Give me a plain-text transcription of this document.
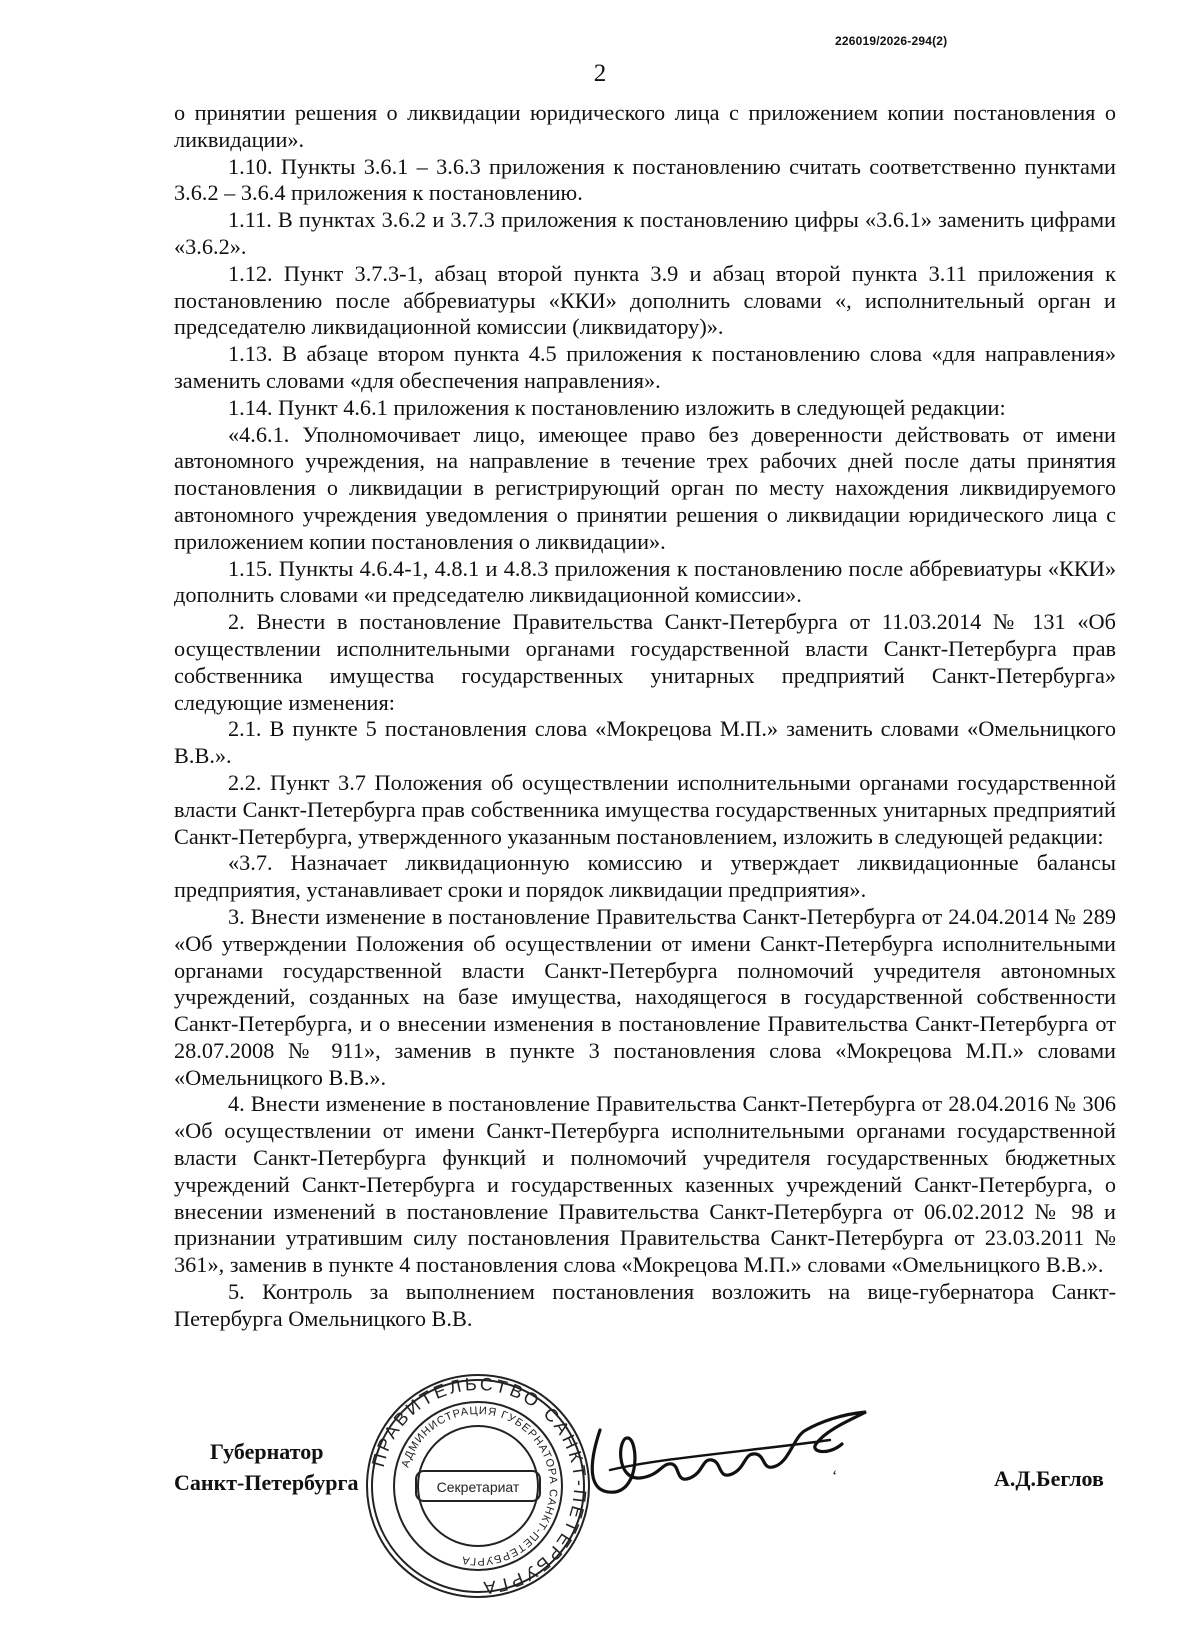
226019/2026-294(2)
2

о принятии решения о ликвидации юридического лица с приложением копии постановления о ликвидации».

1.10. Пункты 3.6.1 – 3.6.3 приложения к постановлению считать соответственно пунктами 3.6.2 – 3.6.4 приложения к постановлению.

1.11. В пунктах 3.6.2 и 3.7.3 приложения к постановлению цифры «3.6.1» заменить цифрами «3.6.2».

1.12. Пункт 3.7.3-1, абзац второй пункта 3.9 и абзац второй пункта 3.11 приложения к постановлению после аббревиатуры «ККИ» дополнить словами «, исполнительный орган и председателю ликвидационной комиссии (ликвидатору)».

1.13. В абзаце втором пункта 4.5 приложения к постановлению слова «для направления» заменить словами «для обеспечения направления».

1.14. Пункт 4.6.1 приложения к постановлению изложить в следующей редакции:

«4.6.1. Уполномочивает лицо, имеющее право без доверенности действовать от имени автономного учреждения, на направление в течение трех рабочих дней после даты принятия постановления о ликвидации в регистрирующий орган по месту нахождения ликвидируемого автономного учреждения уведомления о принятии решения о ликвидации юридического лица с приложением копии постановления о ликвидации».

1.15. Пункты 4.6.4-1, 4.8.1 и 4.8.3 приложения к постановлению после аббревиатуры «ККИ» дополнить словами «и председателю ликвидационной комиссии».

2. Внести в постановление Правительства Санкт-Петербурга от 11.03.2014 № 131 «Об осуществлении исполнительными органами государственной власти Санкт-Петербурга прав собственника имущества государственных унитарных предприятий Санкт-Петербурга» следующие изменения:

2.1. В пункте 5 постановления слова «Мокрецова М.П.» заменить словами «Омельницкого В.В.».

2.2. Пункт 3.7 Положения об осуществлении исполнительными органами государственной власти Санкт-Петербурга прав собственника имущества государственных унитарных предприятий Санкт-Петербурга, утвержденного указанным постановлением, изложить в следующей редакции:

«3.7. Назначает ликвидационную комиссию и утверждает ликвидационные балансы предприятия, устанавливает сроки и порядок ликвидации предприятия».

3. Внести изменение в постановление Правительства Санкт-Петербурга от 24.04.2014 № 289 «Об утверждении Положения об осуществлении от имени Санкт-Петербурга исполнительными органами государственной власти Санкт-Петербурга полномочий учредителя автономных учреждений, созданных на базе имущества, находящегося в государственной собственности Санкт-Петербурга, и о внесении изменения в постановление Правительства Санкт-Петербурга от 28.07.2008 № 911», заменив в пункте 3 постановления слова «Мокрецова М.П.» словами «Омельницкого В.В.».

4. Внести изменение в постановление Правительства Санкт-Петербурга от 28.04.2016 № 306 «Об осуществлении от имени Санкт-Петербурга исполнительными органами государственной власти Санкт-Петербурга функций и полномочий учредителя государственных бюджетных учреждений Санкт-Петербурга и государственных казенных учреждений Санкт-Петербурга, о внесении изменений в постановление Правительства Санкт-Петербурга от 06.02.2012 № 98 и признании утратившим силу постановления Правительства Санкт-Петербурга от 23.03.2011 № 361», заменив в пункте 4 постановления слова «Мокрецова М.П.» словами «Омельницкого В.В.».

5. Контроль за выполнением постановления возложить на вице-губернатора Санкт-Петербурга Омельницкого В.В.

Губернатор
Санкт-Петербурга
ПРАВИТЕЛЬСТВО САНКТ-ПЕТЕРБУРГА
АДМИНИСТРАЦИЯ ГУБЕРНАТОРА САНКТ-ПЕТЕРБУРГА
Секретариат
‘	А.Д.Беглов
